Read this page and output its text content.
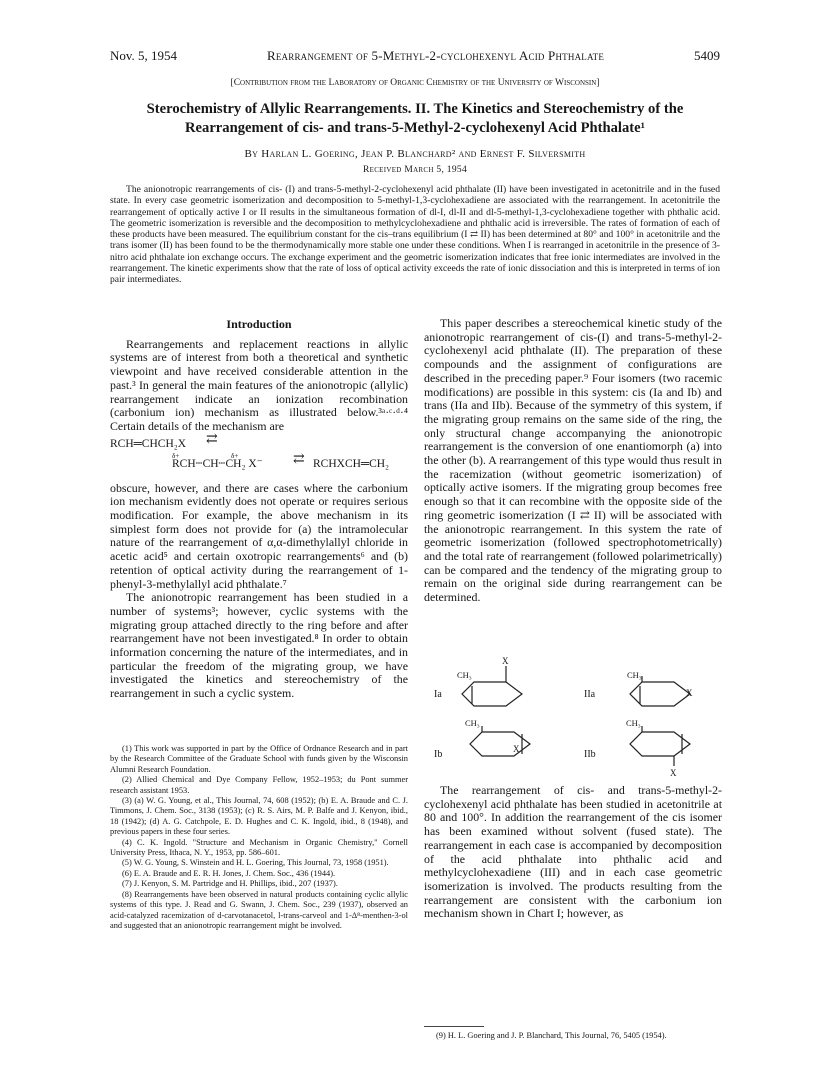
Nov. 5, 1954	Rearrangement of 5-Methyl-2-cyclohexenyl Acid Phthalate	5409
[Contribution from the Laboratory of Organic Chemistry of the University of Wisconsin]
Sterochemistry of Allylic Rearrangements. II. The Kinetics and Stereochemistry of the Rearrangement of cis- and trans-5-Methyl-2-cyclohexenyl Acid Phthalate¹
By Harlan L. Goering, Jean P. Blanchard² and Ernest F. Silversmith
Received March 5, 1954
The anionotropic rearrangements of cis- (I) and trans-5-methyl-2-cyclohexenyl acid phthalate (II) have been investigated in acetonitrile and in the fused state. In every case geometric isomerization and decomposition to 5-methyl-1,3-cyclohexadiene are associated with the rearrangement. In acetonitrile the rearrangement of optically active I or II results in the simultaneous formation of dl-I, dl-II and dl-5-methyl-1,3-cyclohexadiene together with phthalic acid. The geometric isomerization is reversible and the decomposition to methylcyclohexadiene and phthalic acid is irreversible. The rates of formation of each of these products have been measured. The equilibrium constant for the cis–trans equilibrium (I ⇄ II) has been determined at 80° and 100° in acetonitrile and the trans isomer (II) has been found to be the thermodynamically more stable one under these conditions. When I is rearranged in acetonitrile in the presence of 3-nitro acid phthalate ion exchange occurs. The exchange experiment and the geometric isomerization indicates that free ionic intermediates are involved in the rearrangement. The kinetic experiments show that the rate of loss of optical activity exceeds the rate of ionic dissociation and this is interpreted in terms of ion pair intermediates.
Introduction

Rearrangements and replacement reactions in allylic systems are of interest from both a theoretical and synthetic viewpoint and have received considerable attention in the past.³ In general the main features of the anionotropic (allylic) rearrangement indicate an ionization recombination (carbonium ion) mechanism as illustrated below.³ᵃ·ᶜ·ᵈ·⁴ Certain details of the mechanism are

RCH═CHCH₂X ⇄
δ+	δ+
RCH┄CH┄CH₂ X⁻ ⇄ RCHXCH═CH₂

obscure, however, and there are cases where the carbonium ion mechanism evidently does not operate or requires serious modification. For example, the above mechanism in its simplest form does not provide for (a) the intramolecular nature of the rearrangement of α,α-dimethylallyl chloride in acetic acid⁵ and certain oxotropic rearrangements⁶ and (b) retention of optical activity during the rearrangement of 1-phenyl-3-methylallyl acid phthalate.⁷

The anionotropic rearrangement has been studied in a number of systems³; however, cyclic systems with the migrating group attached directly to the ring before and after rearrangement have not been investigated.⁸ In order to obtain information concerning the nature of the intermediates, and in particular the freedom of the migrating group, we have investigated the kinetics and stereochemistry of the rearrangement in such a cyclic system.

(1) This work was supported in part by the Office of Ordnance Research and in part by the Research Committee of the Graduate School with funds given by the Wisconsin Alumni Research Foundation.

(2) Allied Chemical and Dye Company Fellow, 1952–1953; du Pont summer research assistant 1953.

(3) (a) W. G. Young, et al., This Journal, 74, 608 (1952); (b) E. A. Braude and C. J. Timmons, J. Chem. Soc., 3138 (1953); (c) R. S. Airs, M. P. Balfe and J. Kenyon, ibid., 18 (1942); (d) A. G. Catchpole, E. D. Hughes and C. K. Ingold, ibid., 8 (1948), and previous papers in these four series.

(4) C. K. Ingold. "Structure and Mechanism in Organic Chemistry," Cornell University Press, Ithaca, N. Y., 1953, pp. 586–601.

(5) W. G. Young, S. Winstein and H. L. Goering, This Journal, 73, 1958 (1951).

(6) E. A. Braude and E. R. H. Jones, J. Chem. Soc., 436 (1944).

(7) J. Kenyon, S. M. Partridge and H. Phillips, ibid., 207 (1937).

(8) Rearrangements have been observed in natural products containing cyclic allylic systems of this type. J. Read and G. Swann, J. Chem. Soc., 239 (1937), observed an acid-catalyzed racemization of d-carvotanacetol, l-trans-carveol and 1-Δ⁸-menthen-3-ol and suggested that an anionotropic rearrangement might be involved.

This paper describes a stereochemical kinetic study of the anionotropic rearrangement of cis-(I) and trans-5-methyl-2-cyclohexenyl acid phthalate (II). The preparation of these compounds and the assignment of configurations are described in the preceding paper.⁹ Four isomers (two racemic modifications) are possible in this system: cis (Ia and Ib) and trans (IIa and IIb). Because of the symmetry of this system, if the migrating group remains on the same side of the ring, the only structural change accompanying the anionotropic rearrangement is the conversion of one enantiomorph (a) into the other (b). A rearrangement of this type would thus result in the racemization (without geometric isomerization) of optically active isomers. If the migrating group becomes free enough so that it can recombine with the opposite side of the ring geometric isomerization (I ⇄ II) will be associated with the anionotropic rearrangement. In this system the rate of geometric isomerization (followed spectrophotometrically) and the total rate of rearrangement (followed polarimetrically) can be compared and the tendency of the migrating group to remain on the original side during rearrangement can be determined.

Ia
Ib
IIa
IIb
CH₃
X
CH₃
X
CH₃
X
CH₃
X

The rearrangement of cis- and trans-5-methyl-2-cyclohexenyl acid phthalate has been studied in acetonitrile at 80 and 100°. In addition the rearrangement of the cis isomer has been examined without solvent (fused state). The rearrangement in each case is accompanied by decomposition of the acid phthalate into phthalic acid and methylcyclohexadiene (III) and in each case geometric isomerization is involved. The products resulting from the rearrangement are consistent with the carbonium ion mechanism shown in Chart I; however, as

(9) H. L. Goering and J. P. Blanchard, This Journal, 76, 5405 (1954).
